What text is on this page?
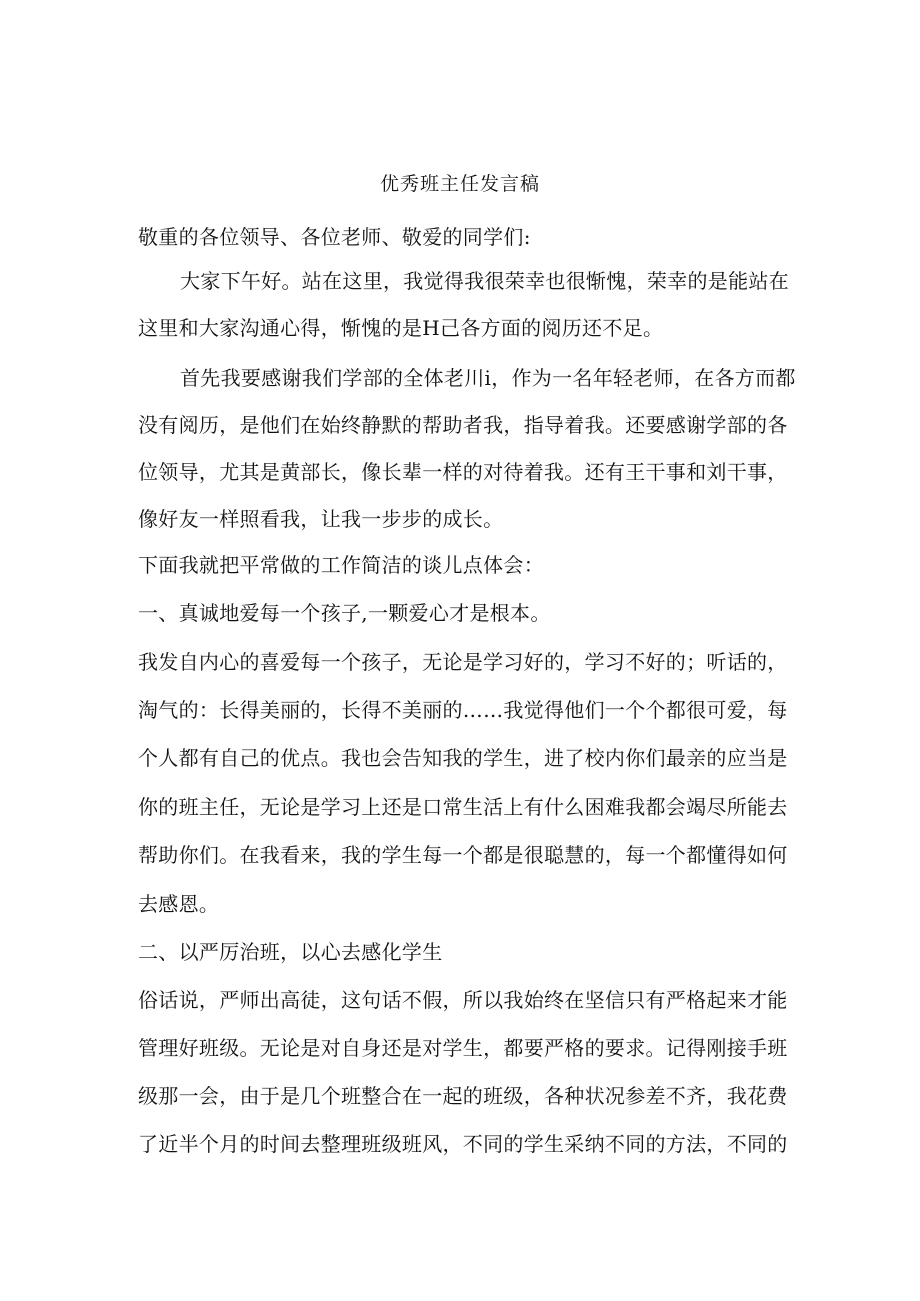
优秀班主任发言稿
敬重的各位领导、各位老师、敬爱的同学们:
大家下午好。站在这里，我觉得我很荣幸也很惭愧，荣幸的是能站在
这里和大家沟通心得，惭愧的是H己各方面的阅历还不足。
首先我要感谢我们学部的全体老川i，作为一名年轻老师，在各方而都
没有阅历，是他们在始终静默的帮助者我，指导着我。还要感谢学部的各
位领导，尤其是黄部长，像长辈一样的对待着我。还有王干事和刘干事，
像好友一样照看我，让我一步步的成长。
下面我就把平常做的工作简洁的谈儿点体会：
一、真诚地爱每一个孩子,一颗爱心才是根本。
我发自内心的喜爱每一个孩子，无论是学习好的，学习不好的；听话的，
淘气的：长得美丽的，长得不美丽的……我觉得他们一个个都很可爱，每
个人都有自己的优点。我也会告知我的学生，进了校内你们最亲的应当是
你的班主任，无论是学习上还是口常生活上有什么困难我都会竭尽所能去
帮助你们。在我看来，我的学生每一个都是很聪慧的，每一个都懂得如何
去感恩。
二、以严厉治班，以心去感化学生
俗话说，严师出高徒，这句话不假，所以我始终在坚信只有严格起来才能
管理好班级。无论是对自身还是对学生，都要严格的要求。记得刚接手班
级那一会，由于是几个班整合在一起的班级，各种状况参差不齐，我花费
了近半个月的时间去整理班级班风，不同的学生采纳不同的方法，不同的
